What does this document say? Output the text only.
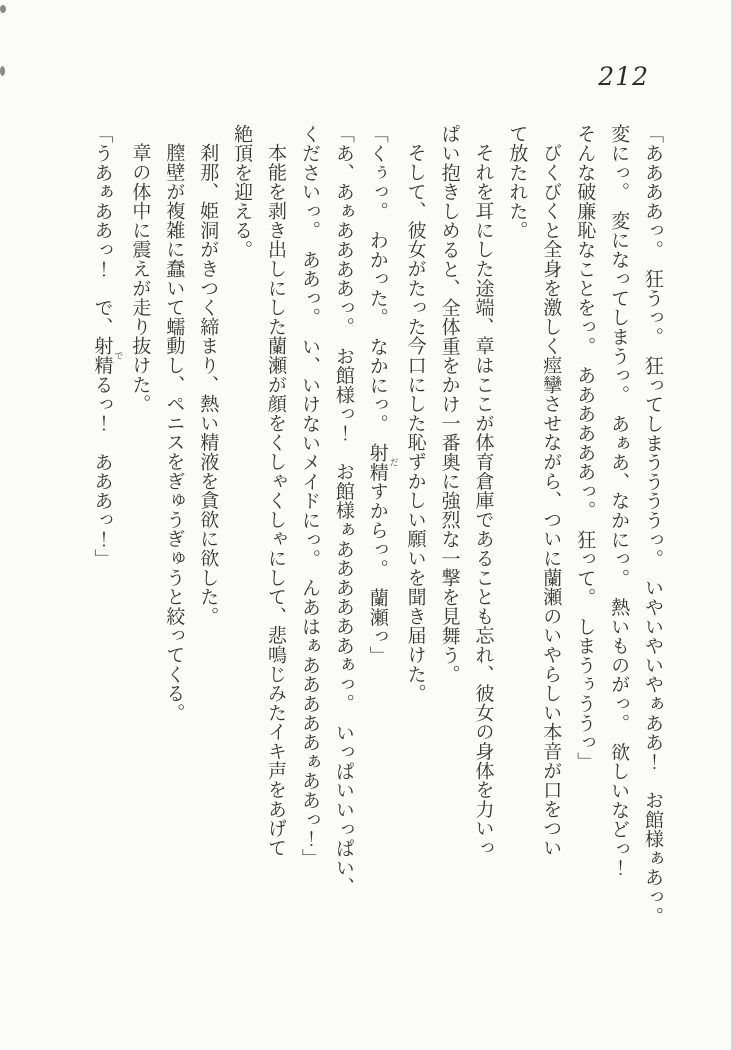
212
「ああああっ。　狂うっ。　狂ってしまううううっ。　いやいやいやぁああ！　お館様ぁあっ。
変にっ。　変になってしまうっ。　あぁあ、なかにっ。　熱いものがっ。　欲しいなどっ！
そんな破廉恥なことをっ。　ああああああっ。　狂って。　しまうぅううっ」
びくびくと全身を激しく痙攣させながら、ついに蘭瀬のいやらしい本音が口をつい
て放たれた。
それを耳にした途端、章はここが体育倉庫であることも忘れ、彼女の身体を力いっ
ぱい抱きしめると、全体重をかけ一番奥に強烈な一撃を見舞う。
そして、彼女がたった今口にした恥ずかしい願いを聞き届けた。
「くぅっ。　わかった。　なかにっ。　射精 だすからっ。　蘭瀬っ」
「あ、あぁああああっ。　お館様っ！　お館様ぁああああああぁっ。　いっぱいいっぱい、
くださいっ。　ああっ。　い、いけないメイドにっ。　んあはぁあああああぁああっ！」
本能を剥き出しにした蘭瀬が顔をくしゃくしゃにして、悲鳴じみたイキ声をあげて
絶頂を迎える。
刹那、姫洞がきつく締まり、熱い精液を貪欲に欲した。
膣壁が複雑に蠢いて蠕動し、ペニスをぎゅうぎゅうと絞ってくる。
章の体中に震えが走り抜けた。
「うあぁああっ！　で、射精 でるっ！　あああっ！」
